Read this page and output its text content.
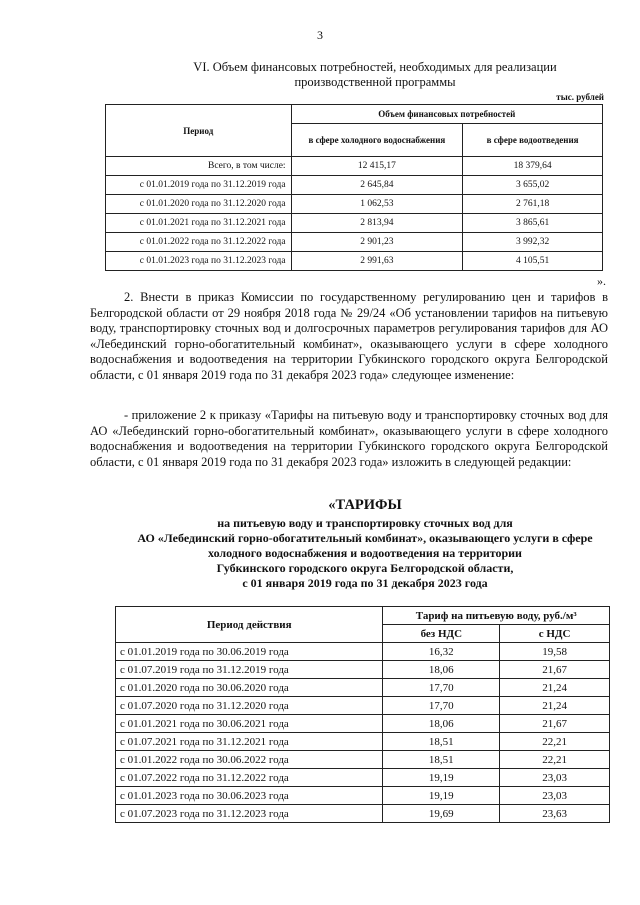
3
VI. Объем финансовых потребностей, необходимых для реализации
производственной программы
тыс. рублей
Период	Объем финансовых потребностей	
	в сфере холодного водоснабжения	в сфере водоотведения
Всего, в том числе:	12 415,17	18 379,64
с 01.01.2019 года по 31.12.2019 года	2 645,84	3 655,02
с 01.01.2020 года по 31.12.2020 года	1 062,53	2 761,18
с 01.01.2021 года по 31.12.2021 года	2 813,94	3 865,61
с 01.01.2022 года по 31.12.2022 года	2 901,23	3 992,32
с 01.01.2023 года по 31.12.2023 года	2 991,63	4 105,51
».
2. Внести в приказ Комиссии по государственному регулированию цен и тарифов в Белгородской области от 29 ноября 2018 года № 29/24 «Об установлении тарифов на питьевую воду, транспортировку сточных вод и долгосрочных параметров регулирования тарифов для АО «Лебединский горно-обогатительный комбинат», оказывающего услуги в сфере холодного водоснабжения и водоотведения на территории Губкинского городского округа Белгородской области, с 01 января 2019 года по 31 декабря 2023 года» следующее изменение:
- приложение 2 к приказу «Тарифы на питьевую воду и транспортировку сточных вод для АО «Лебединский горно-обогатительный комбинат», оказывающего услуги в сфере холодного водоснабжения и водоотведения на территории Губкинского городского округа Белгородской области, с 01 января 2019 года по 31 декабря 2023 года» изложить в следующей редакции:
«ТАРИФЫ
на питьевую воду и транспортировку сточных вод для
АО «Лебединский горно-обогатительный комбинат», оказывающего услуги в сфере
холодного водоснабжения и водоотведения на территории
Губкинского городского округа Белгородской области,
с 01 января 2019 года по 31 декабря 2023 года
Период действия	Тариф на питьевую воду, руб./м³	
	без НДС	с НДС
с 01.01.2019 года по 30.06.2019 года	16,32	19,58
с 01.07.2019 года по 31.12.2019 года	18,06	21,67
с 01.01.2020 года по 30.06.2020 года	17,70	21,24
с 01.07.2020 года по 31.12.2020 года	17,70	21,24
с 01.01.2021 года по 30.06.2021 года	18,06	21,67
с 01.07.2021 года по 31.12.2021 года	18,51	22,21
с 01.01.2022 года по 30.06.2022 года	18,51	22,21
с 01.07.2022 года по 31.12.2022 года	19,19	23,03
с 01.01.2023 года по 30.06.2023 года	19,19	23,03
с 01.07.2023 года по 31.12.2023 года	19,69	23,63
